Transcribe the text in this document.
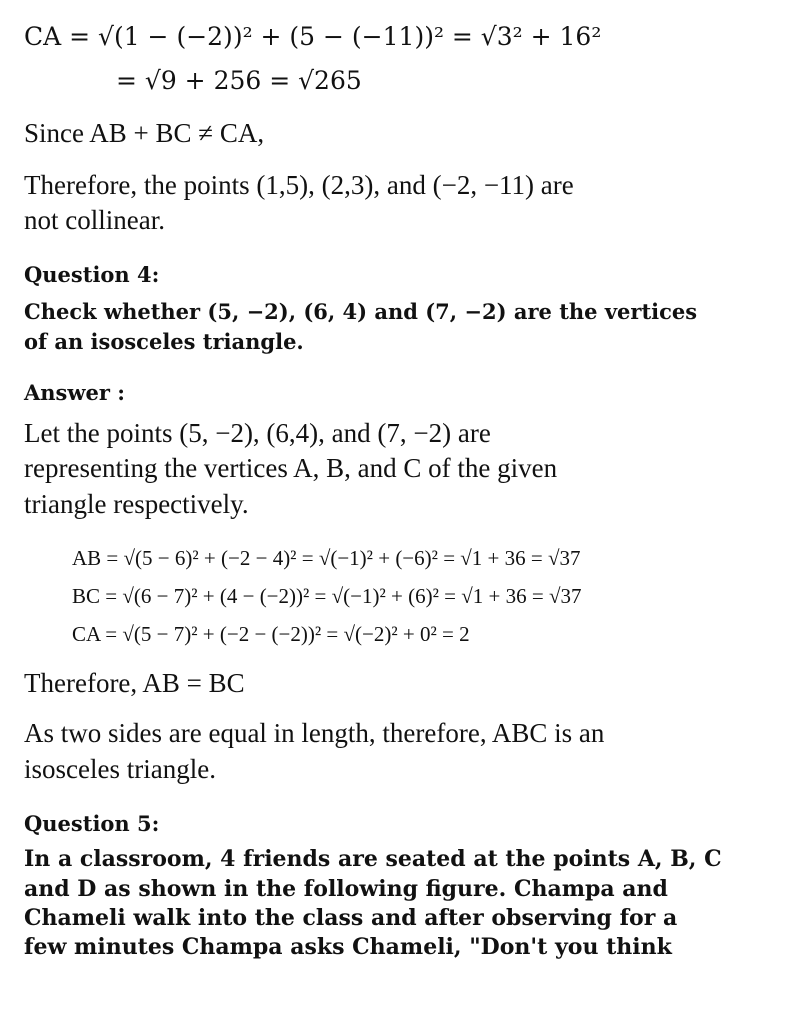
CA = √(1 − (−2))² + (5 − (−11))² = √3² + 16²
= √9 + 256 = √265
Since AB + BC ≠ CA,
Therefore, the points (1,5), (2,3), and (−2, −11) are
not collinear.
Question 4:
Check whether (5, −2), (6, 4) and (7, −2) are the vertices
of an isosceles triangle.
Answer :
Let the points (5, −2), (6,4), and (7, −2) are
representing the vertices A, B, and C of the given
triangle respectively.
AB = √(5 − 6)² + (−2 − 4)² = √(−1)² + (−6)² = √1 + 36 = √37
BC = √(6 − 7)² + (4 − (−2))² = √(−1)² + (6)² = √1 + 36 = √37
CA = √(5 − 7)² + (−2 − (−2))² = √(−2)² + 0² = 2
Therefore, AB = BC
As two sides are equal in length, therefore, ABC is an
isosceles triangle.
Question 5:
In a classroom, 4 friends are seated at the points A, B, C
and D as shown in the following figure. Champa and
Chameli walk into the class and after observing for a
few minutes Champa asks Chameli, "Don't you think
